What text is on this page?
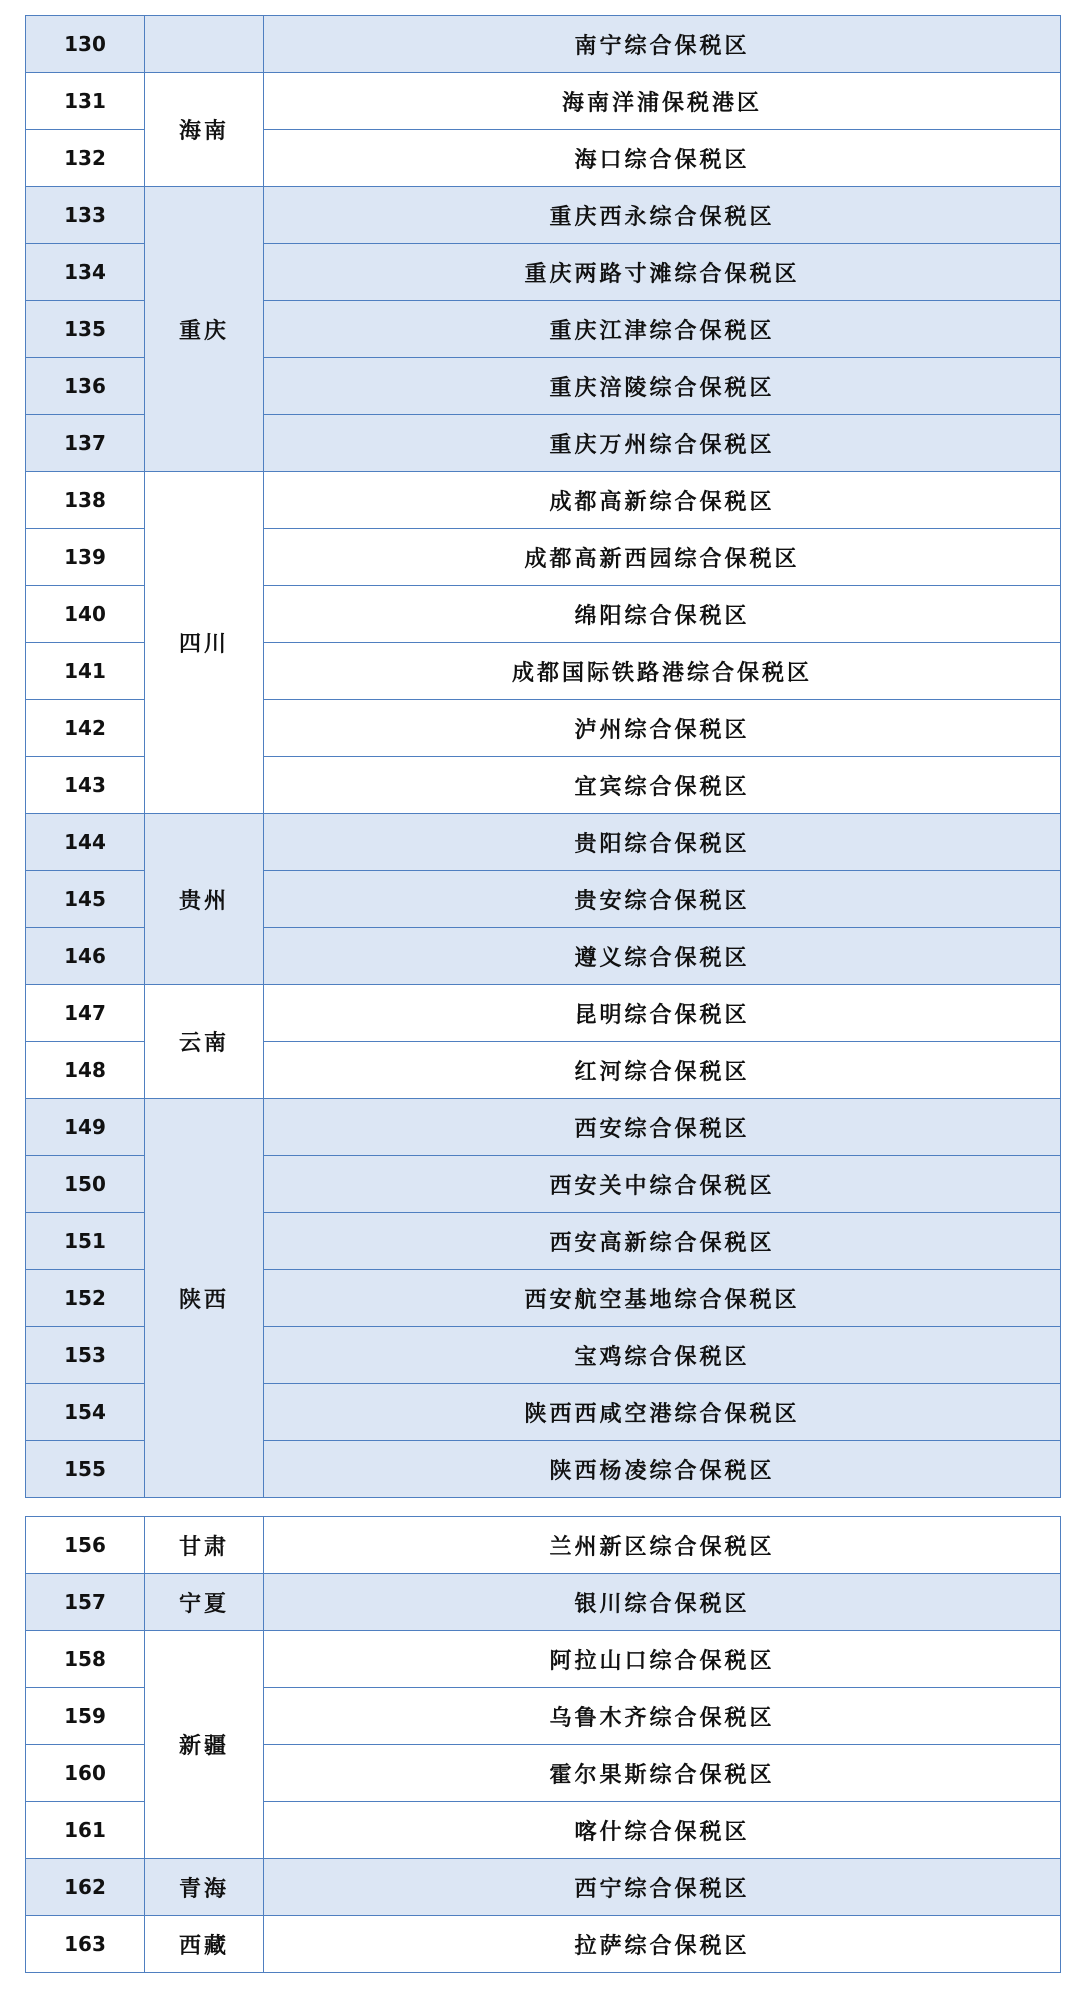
130		南宁综合保税区
131	海南	海南洋浦保税港区
132		海口综合保税区
133	重庆	重庆西永综合保税区
134		重庆两路寸滩综合保税区
135		重庆江津综合保税区
136		重庆涪陵综合保税区
137		重庆万州综合保税区
138	四川	成都高新综合保税区
139		成都高新西园综合保税区
140		绵阳综合保税区
141		成都国际铁路港综合保税区
142		泸州综合保税区
143		宜宾综合保税区
144	贵州	贵阳综合保税区
145		贵安综合保税区
146		遵义综合保税区
147	云南	昆明综合保税区
148		红河综合保税区
149	陕西	西安综合保税区
150		西安关中综合保税区
151		西安高新综合保税区
152		西安航空基地综合保税区
153		宝鸡综合保税区
154		陕西西咸空港综合保税区
155		陕西杨凌综合保税区
156	甘肃	兰州新区综合保税区
157	宁夏	银川综合保税区
158	新疆	阿拉山口综合保税区
159		乌鲁木齐综合保税区
160		霍尔果斯综合保税区
161		喀什综合保税区
162	青海	西宁综合保税区
163	西藏	拉萨综合保税区
